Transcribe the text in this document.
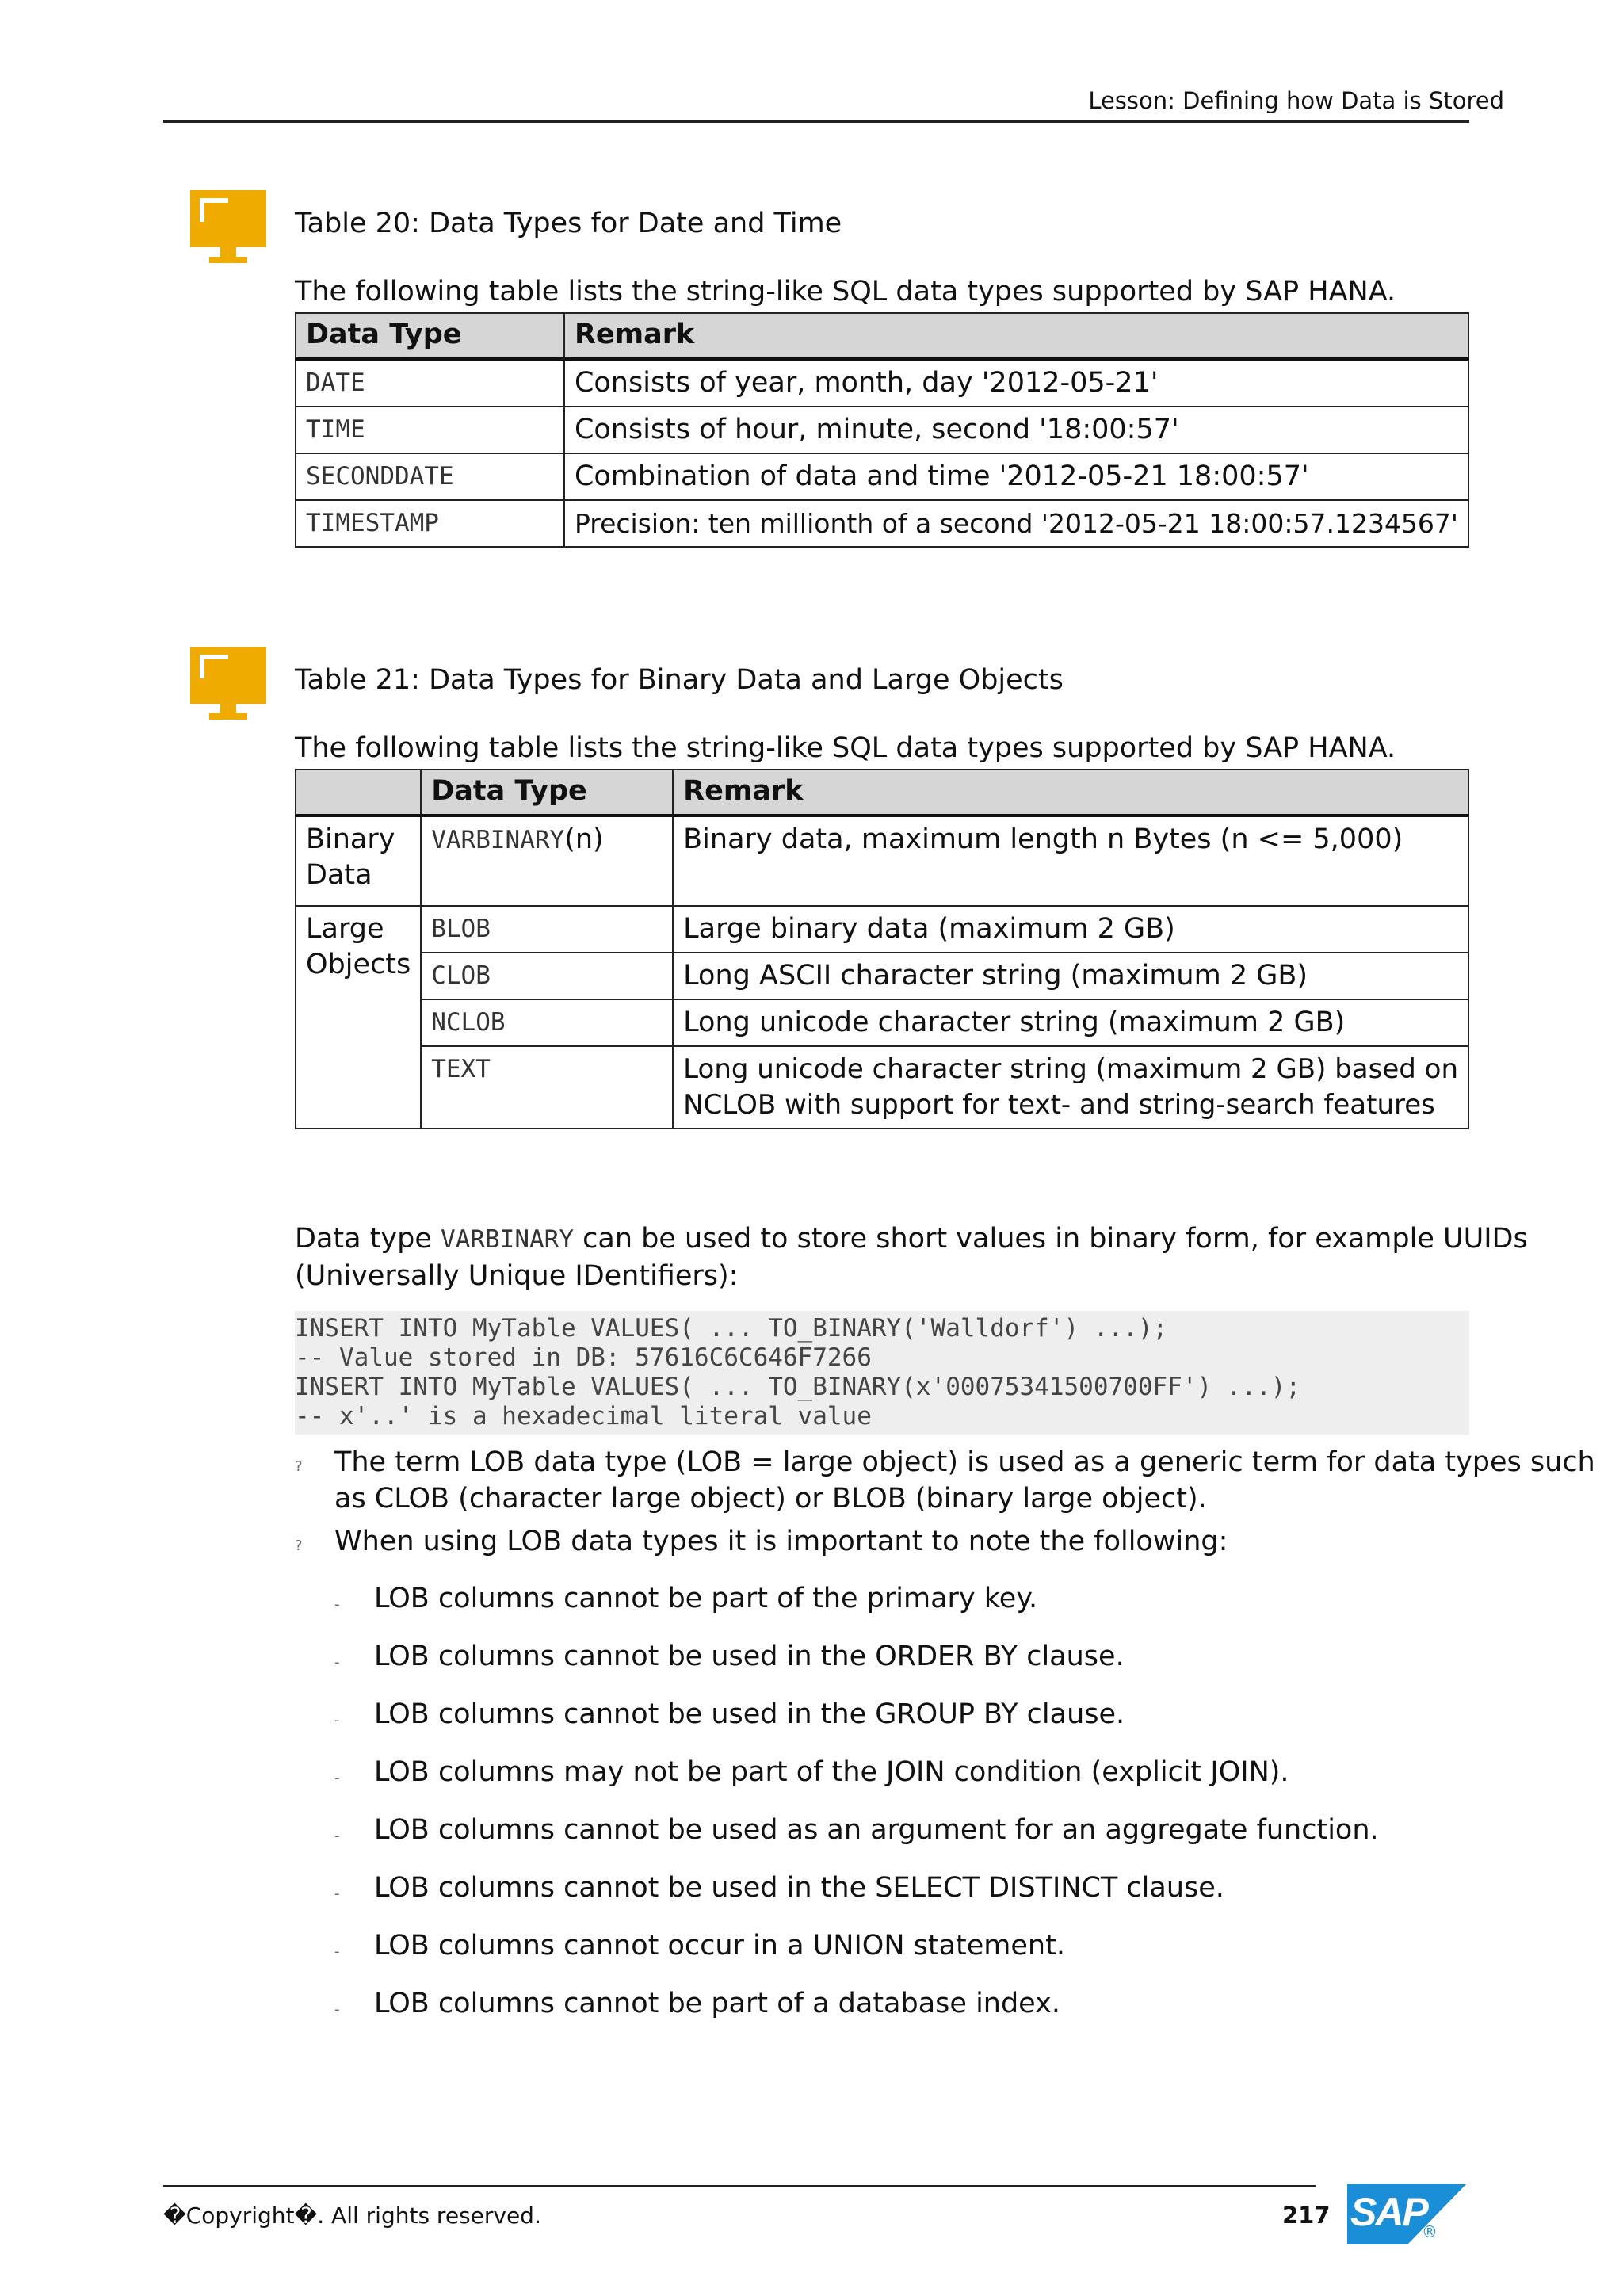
Lesson: Defining how Data is Stored
Table 20: Data Types for Date and Time
The following table lists the string-like SQL data types supported by SAP HANA.
Data Type	Remark
DATE	Consists of year, month, day '2012-05-21'
TIME	Consists of hour, minute, second '18:00:57'
SECONDDATE	Combination of data and time '2012-05-21 18:00:57'
TIMESTAMP	Precision: ten millionth of a second '2012-05-21 18:00:57.1234567'
Table 21: Data Types for Binary Data and Large Objects
The following table lists the string-like SQL data types supported by SAP HANA.
	Data Type	Remark
Binary Data	VARBINARY(n)	Binary data, maximum length n Bytes (n <= 5,000)
Large Objects	BLOB	Large binary data (maximum 2 GB)
	CLOB	Long ASCII character string (maximum 2 GB)
	NCLOB	Long unicode character string (maximum 2 GB)
	TEXT	Long unicode character string (maximum 2 GB) based on
NCLOB with support for text- and string-search features
Data type VARBINARY can be used to store short values in binary form, for example UUIDs
(Universally Unique IDentifiers):
INSERT INTO MyTable VALUES( ... TO_BINARY('Walldorf') ...);
-- Value stored in DB: 57616C6C646F7266
INSERT INTO MyTable VALUES( ... TO_BINARY(x'00075341500700FF') ...);
-- x'..' is a hexadecimal literal value
? The term LOB data type (LOB = large object) is used as a generic term for data types such
as CLOB (character large object) or BLOB (binary large object).
? When using LOB data types it is important to note the following:
- LOB columns cannot be part of the primary key.
- LOB columns cannot be used in the ORDER BY clause.
- LOB columns cannot be used in the GROUP BY clause.
- LOB columns may not be part of the JOIN condition (explicit JOIN).
- LOB columns cannot be used as an argument for an aggregate function.
- LOB columns cannot be used in the SELECT DISTINCT clause.
- LOB columns cannot occur in a UNION statement.
- LOB columns cannot be part of a database index.
�Copyright�. All rights reserved.	217 SAP
®
